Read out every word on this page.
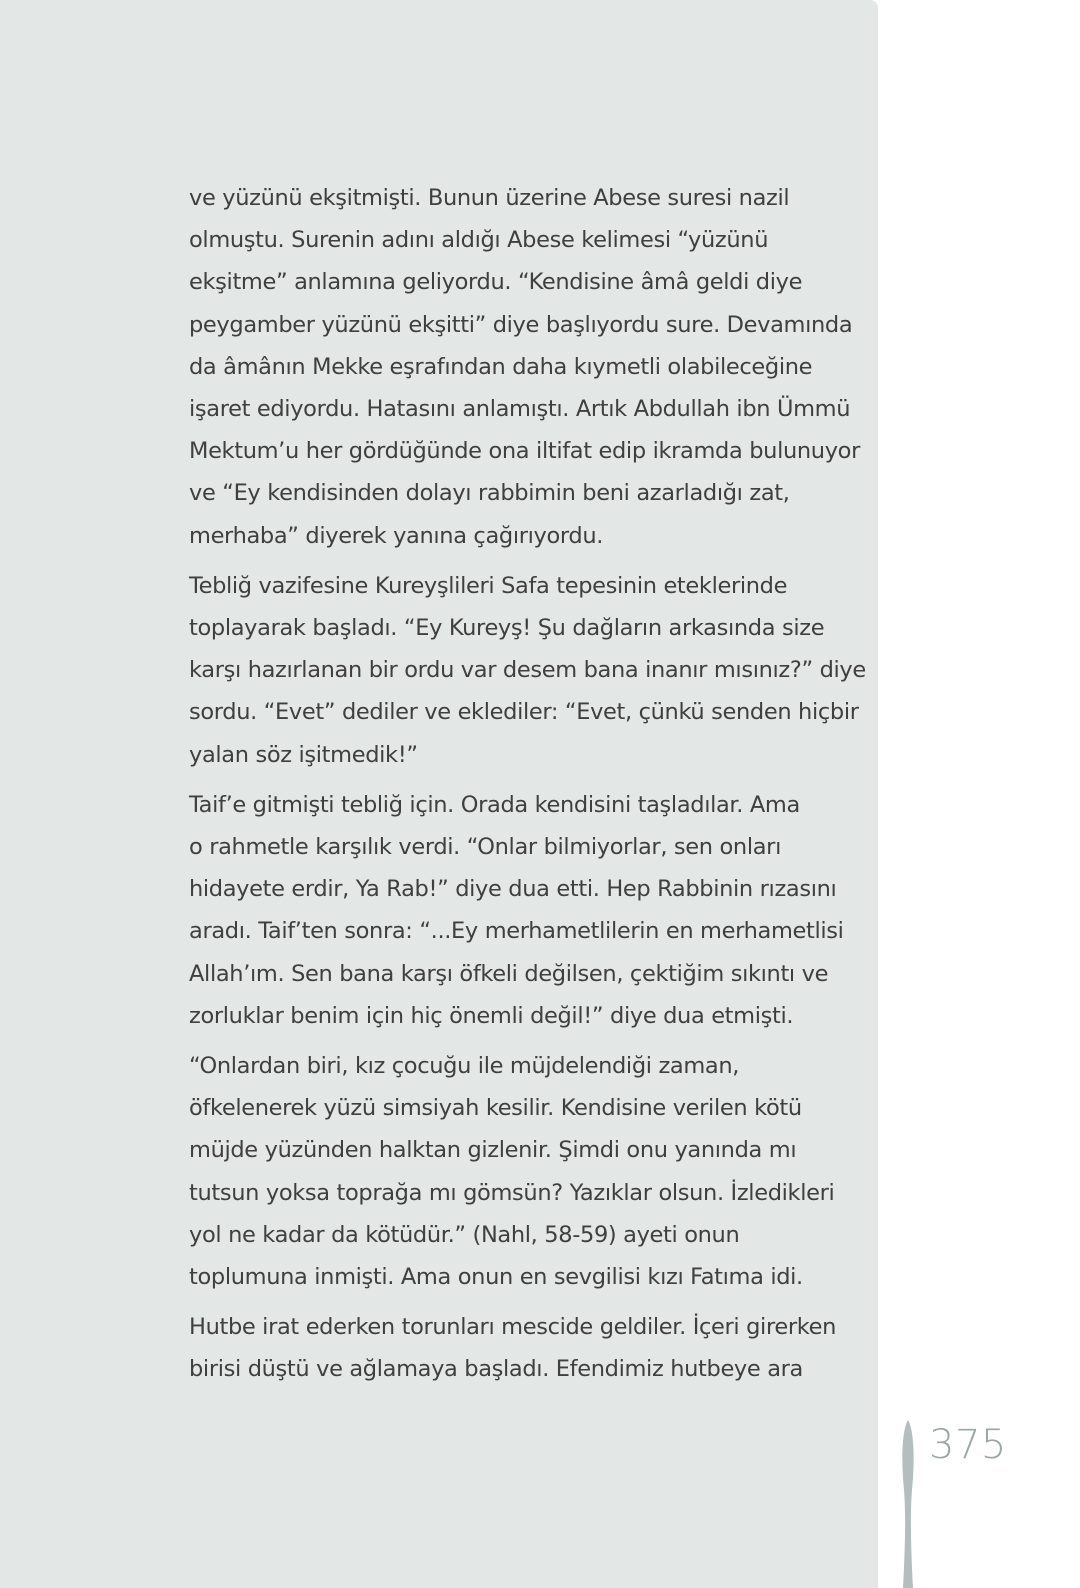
ve yüzünü ekşitmişti. Bunun üzerine Abese suresi nazil
olmuştu. Surenin adını aldığı Abese kelimesi “yüzünü
ekşitme” anlamına geliyordu. “Kendisine âmâ geldi diye
peygamber yüzünü ekşitti” diye başlıyordu sure. Devamında
da âmânın Mekke eşrafından daha kıymetli olabileceğine
işaret ediyordu. Hatasını anlamıştı. Artık Abdullah ibn Ümmü
Mektum’u her gördüğünde ona iltifat edip ikramda bulunuyor
ve “Ey kendisinden dolayı rabbimin beni azarladığı zat,
merhaba” diyerek yanına çağırıyordu.

Tebliğ vazifesine Kureyşlileri Safa tepesinin eteklerinde
toplayarak başladı. “Ey Kureyş! Şu dağların arkasında size
karşı hazırlanan bir ordu var desem bana inanır mısınız?” diye
sordu. “Evet” dediler ve eklediler: “Evet, çünkü senden hiçbir
yalan söz işitmedik!”

Taif’e gitmişti tebliğ için. Orada kendisini taşladılar. Ama
o rahmetle karşılık verdi. “Onlar bilmiyorlar, sen onları
hidayete erdir, Ya Rab!” diye dua etti. Hep Rabbinin rızasını
aradı. Taif’ten sonra: “...Ey merhametlilerin en merhametlisi
Allah’ım. Sen bana karşı öfkeli değilsen, çektiğim sıkıntı ve
zorluklar benim için hiç önemli değil!” diye dua etmişti.

“Onlardan biri, kız çocuğu ile müjdelendiği zaman,
öfkelenerek yüzü simsiyah kesilir. Kendisine verilen kötü
müjde yüzünden halktan gizlenir. Şimdi onu yanında mı
tutsun yoksa toprağa mı gömsün? Yazıklar olsun. İzledikleri
yol ne kadar da kötüdür.” (Nahl, 58-59) ayeti onun
toplumuna inmişti. Ama onun en sevgilisi kızı Fatıma idi.

Hutbe irat ederken torunları mescide geldiler. İçeri girerken
birisi düştü ve ağlamaya başladı. Efendimiz hutbeye ara

375
